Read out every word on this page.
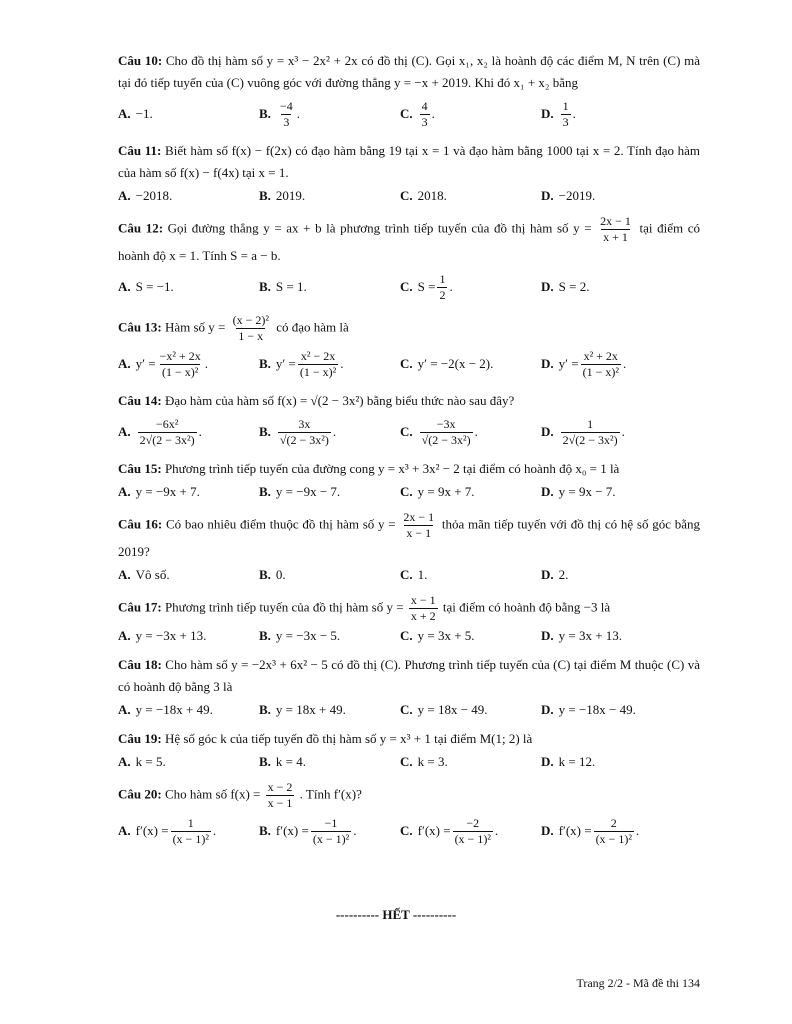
Câu 10: Cho đồ thị hàm số y = x³ − 2x² + 2x có đồ thị (C). Gọi x₁, x₂ là hoành độ các điểm M, N trên (C) mà tại đó tiếp tuyến của (C) vuông góc với đường thẳng y = −x + 2019. Khi đó x₁ + x₂ bằng
A. −1.	B. $\frac{-4}{3}$ .	C. $\frac{4}{3}$ .	D. $\frac{1}{3}$ .
Câu 11: Biết hàm số f(x) − f(2x) có đạo hàm bằng 19 tại x = 1 và đạo hàm bằng 1000 tại x = 2. Tính đạo hàm của hàm số f(x) − f(4x) tại x = 1.
A. −2018.	B. 2019.	C. 2018.	D. −2019.
Câu 12: Gọi đường thẳng y = ax + b là phương trình tiếp tuyến của đồ thị hàm số $y = \frac{2x - 1}{x + 1}$ tại điểm có hoành độ x = 1. Tính S = a − b.
A. S = −1.	B. S = 1.	C. $S = \frac{1}{2}$ .	D. S = 2.
Câu 13: Hàm số $y = \frac{\text{(x − 2)²}}{1 - x}$ có đạo hàm là
A. $y' = \frac{\text{−x² + 2x}}{\text{(1 − x)²}}$ .	B. $y' = \frac{\text{x² − 2x}}{\text{(1 − x)²}}$ .	C. y′ = −2(x − 2).	D. $y' = \frac{\text{x² + 2x}}{\text{(1 − x)²}}$ .
Câu 14: Đạo hàm của hàm số f(x) = √(2 − 3x²) bằng biểu thức nào sau đây?
A. $\frac{\text{−6x²}}{\text{2√(2 − 3x²)}}$ .	B. $\frac{3x}{\text{√(2 − 3x²)}}$ .	C. $\frac{-3x}{\text{√(2 − 3x²)}}$ .	D. $\frac{1}{\text{2√(2 − 3x²)}}$ .
Câu 15: Phương trình tiếp tuyến của đường cong y = x³ + 3x² − 2 tại điểm có hoành độ x₀ = 1 là
A. y = −9x + 7.	B. y = −9x − 7.	C. y = 9x + 7.	D. y = 9x − 7.
Câu 16: Có bao nhiêu điểm thuộc đồ thị hàm số $y = \frac{2x - 1}{x - 1}$ thỏa mãn tiếp tuyến với đồ thị có hệ số góc bằng 2019?
A. Vô số.	B. 0.	C. 1.	D. 2.
Câu 17: Phương trình tiếp tuyến của đồ thị hàm số $y = \frac{x - 1}{x + 2}$ tại điểm có hoành độ bằng −3 là
A. y = −3x + 13.	B. y = −3x − 5.	C. y = 3x + 5.	D. y = 3x + 13.
Câu 18: Cho hàm số y = −2x³ + 6x² − 5 có đồ thị (C). Phương trình tiếp tuyến của (C) tại điểm M thuộc (C) và có hoành độ bằng 3 là
A. y = −18x + 49.	B. y = 18x + 49.	C. y = 18x − 49.	D. y = −18x − 49.
Câu 19: Hệ số góc k của tiếp tuyến đồ thị hàm số y = x³ + 1 tại điểm M(1; 2) là
A. k = 5.	B. k = 4.	C. k = 3.	D. k = 12.
Câu 20: Cho hàm số $f(x) = \frac{x - 2}{x - 1}$ . Tính f′(x)?
A. $f'(x) = \frac{1}{\text{(x − 1)²}}$ .	B. $f'(x) = \frac{-1}{\text{(x − 1)²}}$ .	C. $f'(x) = \frac{-2}{\text{(x − 1)²}}$ .	D. $f'(x) = \frac{2}{\text{(x − 1)²}}$ .
---------- HẾT ----------
Trang 2/2 - Mã đề thi 134
